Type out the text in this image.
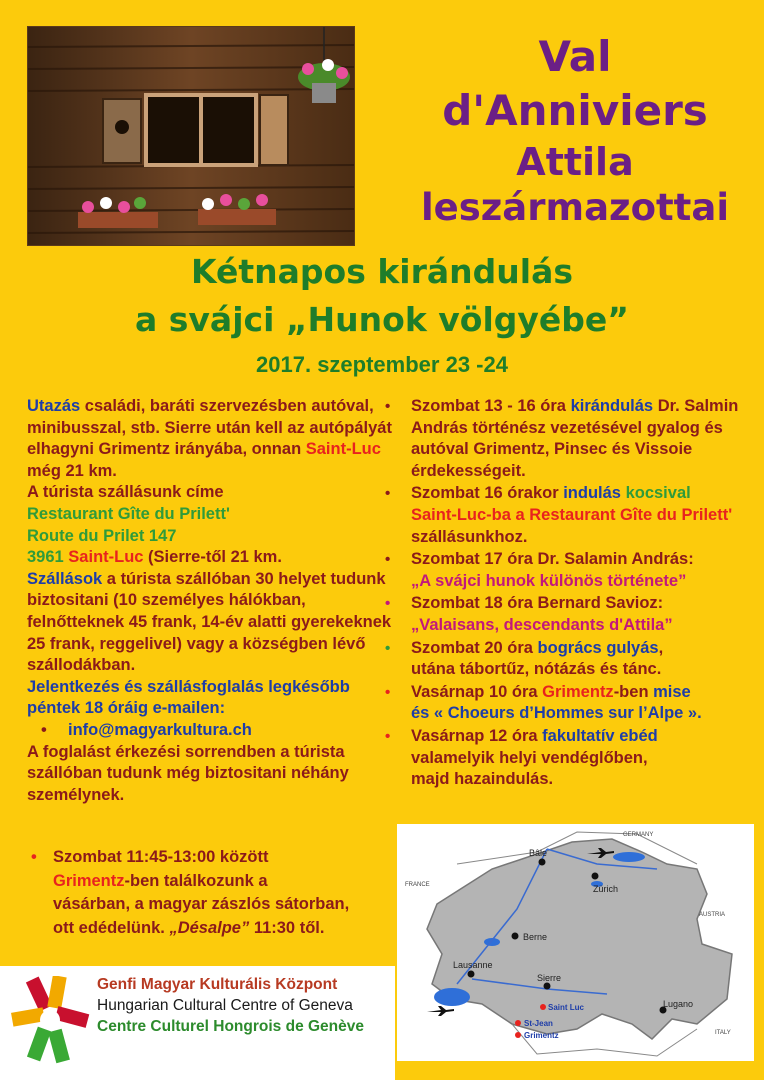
Val
d'Anniviers
Attila
leszármazottai
Kétnapos kirándulás
a svájci „Hunok völgyébe”
2017. szeptember 23 -24

Utazás családi, baráti szervezésben autóval, minibusszal, stb. Sierre után kell az autópályát elhagyni Grimentz irányába, onnan Saint-Luc még 21 km.

A túrista szállásunk címe

Restaurant Gîte du Prilett'

Route du Prilet 147

3961 Saint-Luc (Sierre-től 21 km.

Szállások a túrista szállóban 30 helyet tudunk biztositani (10 személyes hálókban, felnőtteknek 45 frank, 14-év alatti gyerekeknek 25 frank, reggelivel) vagy a községben lévő szállodákban.

Jelentkezés és szállásfoglalás legkésőbb péntek 18 óráig e-mailen:

• info@magyarkultura.ch

A foglalást érkezési sorrendben a túrista szállóban tudunk még biztositani néhány személynek.

• Szombat 13 - 16 óra kirándulás Dr. Salmin András történész vezetésével gyalog és autóval Grimentz, Pinsec és Vissoie érdekességeit.
• Szombat 16 órakor indulás kocsival
Saint-Luc-ba a Restaurant Gîte du Prilett' szállásunkhoz.
• Szombat 17 óra Dr. Salamin András:
„A svájci hunok különös története”
• Szombat 18 óra Bernard Savioz:
„Valaisans, descendants d'Attila”
• Szombat 20 óra bogrács gulyás,
utána tábortűz, nótázás és tánc.
• Vasárnap 10 óra Grimentz-ben mise
és « Choeurs d’Hommes sur l’Alpe ».
• Vasárnap 12 óra fakultatív ebéd
valamelyik helyi vendéglőben,
majd hazaindulás.
• Szombat 11:45-13:00 között
Grimentz-ben találkozunk a
vásárban, a magyar zászlós sátorban,
ott edédelünk. „Désalpe” 11:30 től.
GERMANY
FRANCE
AUSTRIA
ITALY
Bâle
Zürich
Berne
Lausanne
Sierre
Lugano
Saint Luc
St-Jean
Grimentz
Genfi Magyar Kulturális Központ
Hungarian Cultural Centre of Geneva
Centre Culturel Hongrois de Genève
